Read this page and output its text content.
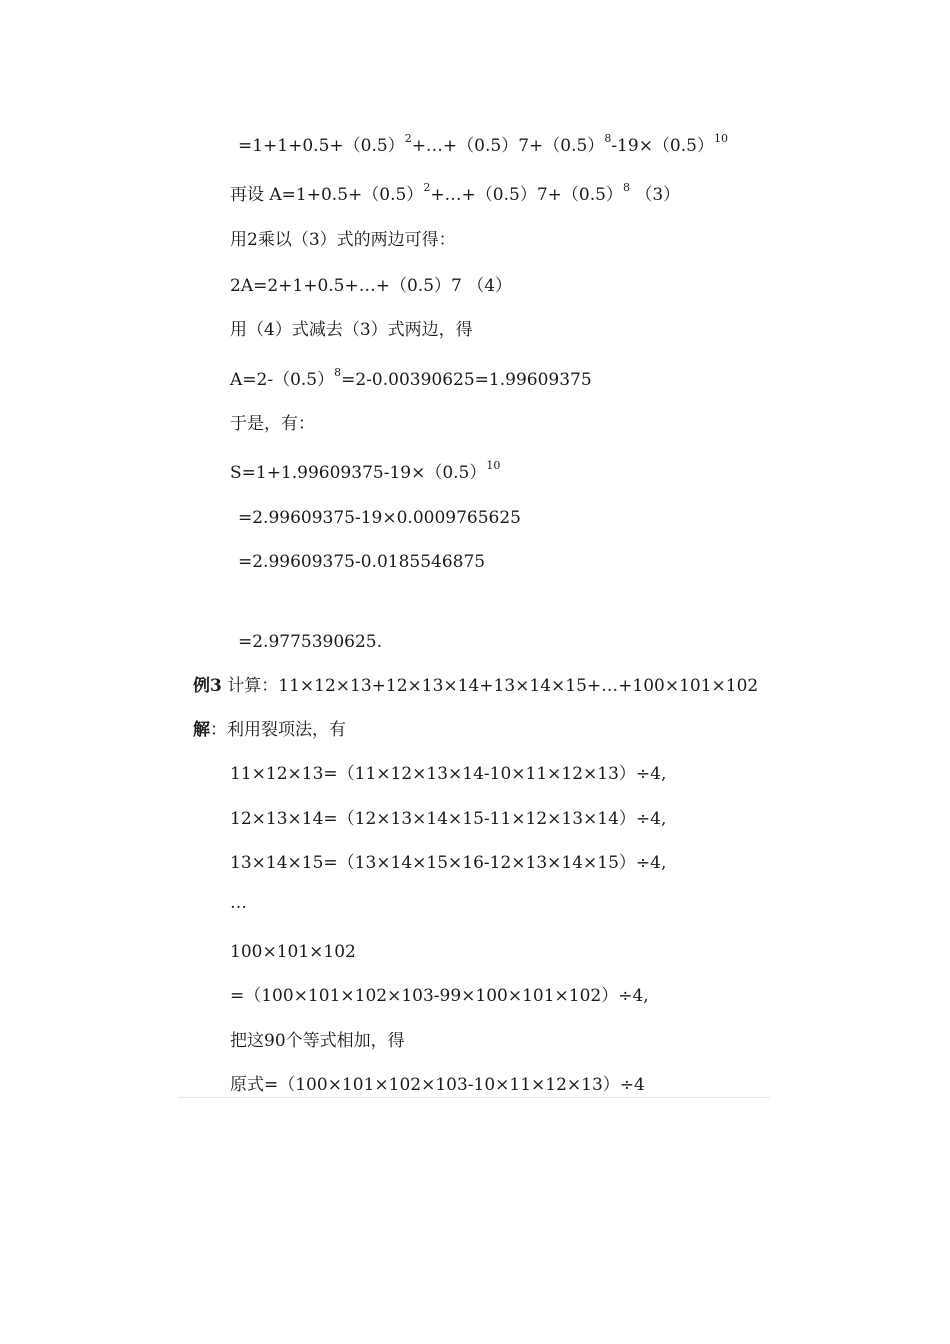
$=1+1+0.5+(0.5)^2+\dots+(0.5)7+(0.5)^8-19\times(0.5)^{10}$
再设 $A=1+0.5+(0.5)^2+\dots+(0.5)7+(0.5)^8$ （3）
用2乘以（3）式的两边可得：
2A=2+1+0.5+…+（0.5）7 （4）
用（4）式减去（3）式两边，得
$A=2-(0.5)^8=2-0.00390625=1.99609375$
于是，有：
$S=1+1.99609375-19\times(0.5)^{10}$
=2.99609375-19×0.0009765625
=2.99609375-0.0185546875
=2.9775390625.
例3 计算：11×12×13+12×13×14+13×14×15+…+100×101×102
解：利用裂项法，有
11×12×13=（11×12×13×14-10×11×12×13）÷4,
12×13×14=（12×13×14×15-11×12×13×14）÷4,
13×14×15=（13×14×15×16-12×13×14×15）÷4,
…
100×101×102
=（100×101×102×103-99×100×101×102）÷4,
把这90个等式相加，得
原式=（100×101×102×103-10×11×12×13）÷4
